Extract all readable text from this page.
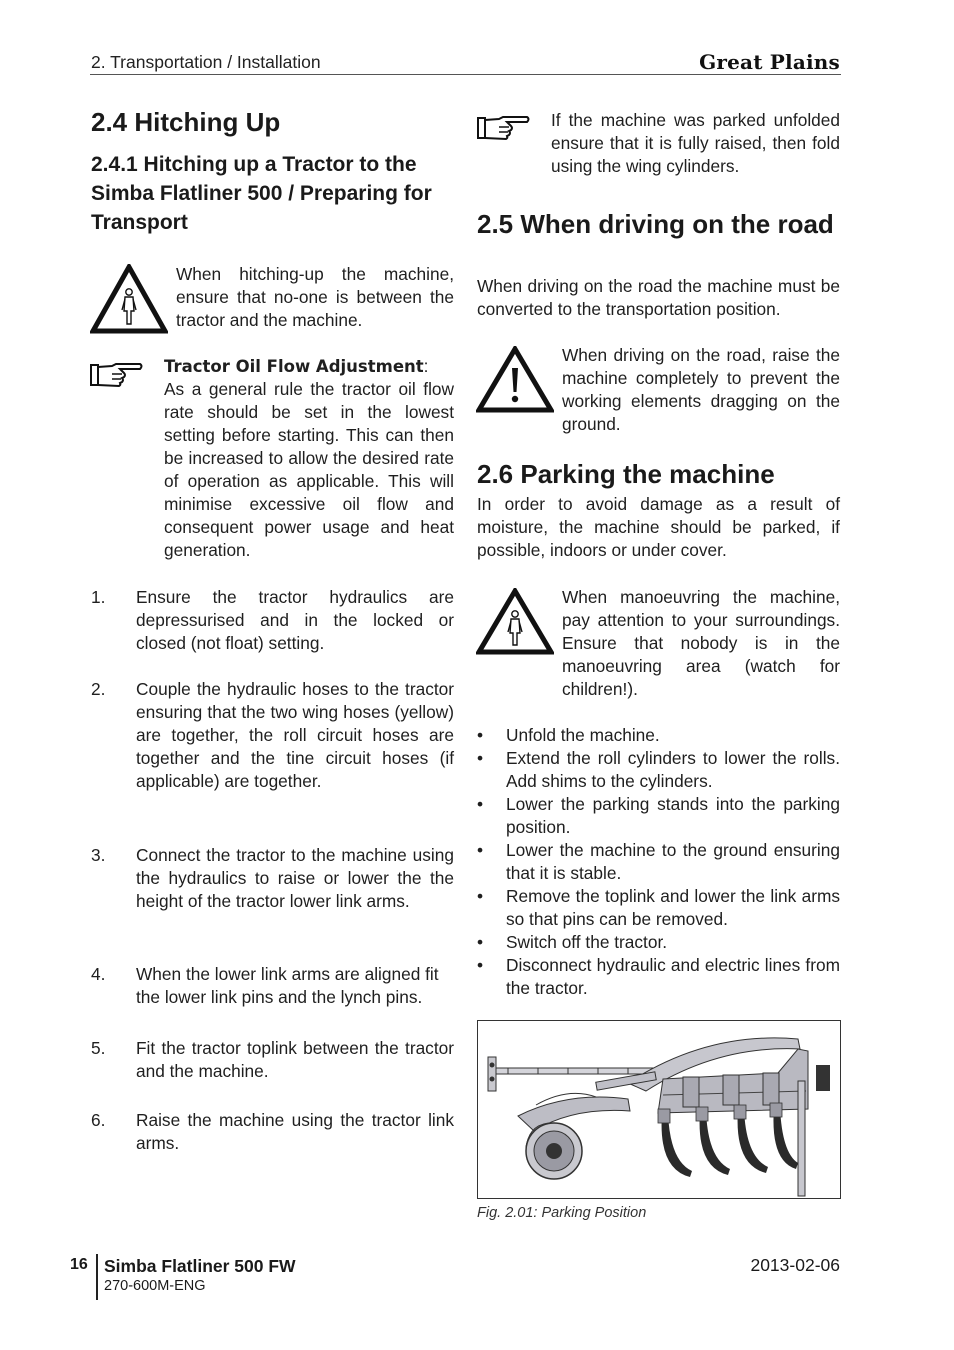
2. Transportation / Installation	Great Plains
2.4 Hitching Up
2.4.1 Hitching up a Tractor to the Simba Flatliner 500 / Preparing for Transport
When hitching-up the machine, ensure that no-one is between the tractor and the machine.
Tractor Oil Flow Adjustment:
As a general rule the tractor oil flow rate should be set in the lowest setting before starting. This can then be increased to allow the desired rate of operation as applicable. This will minimise excessive oil flow and consequent power usage and heat generation.
1.	Ensure the tractor hydraulics are depressurised and in the locked or closed (not float) setting.
2.	Couple the hydraulic hoses to the tractor ensuring that the two wing hoses (yellow) are together, the roll circuit hoses are together and the tine circuit hoses (if applicable) are together.
3.	Connect the tractor to the machine using the hydraulics to raise or lower the the height of the tractor lower link arms.
4.	When the lower link arms are aligned fit the lower link pins and the lynch pins.
5.	Fit the tractor toplink between the tractor and the machine.
6.	Raise the machine using the tractor link arms.
If the machine was parked unfolded ensure that it is fully raised, then fold using the wing cylinders.
2.5 When driving on the road
When driving on the road the machine must be converted to the transportation position.
When driving on the road, raise the machine completely to prevent the working elements dragging on the ground.
2.6 Parking the machine
In order to avoid damage as a result of moisture, the machine should be parked, if possible, indoors or under cover.
When manoeuvring the machine, pay attention to your surroundings. Ensure that nobody is in the manoeuvring area (watch for children!).
• Unfold the machine.
• Extend the roll cylinders to lower the rolls. Add shims to the cylinders.
• Lower the parking stands into the parking position.
• Lower the machine to the ground ensuring that it is stable.
• Remove the toplink and lower the link arms so that pins can be removed.
• Switch off the tractor.
• Disconnect hydraulic and electric lines from the tractor.
Fig. 2.01: Parking Position
16 Simba Flatliner 500 FW
270-600M-ENG
2013-02-06
